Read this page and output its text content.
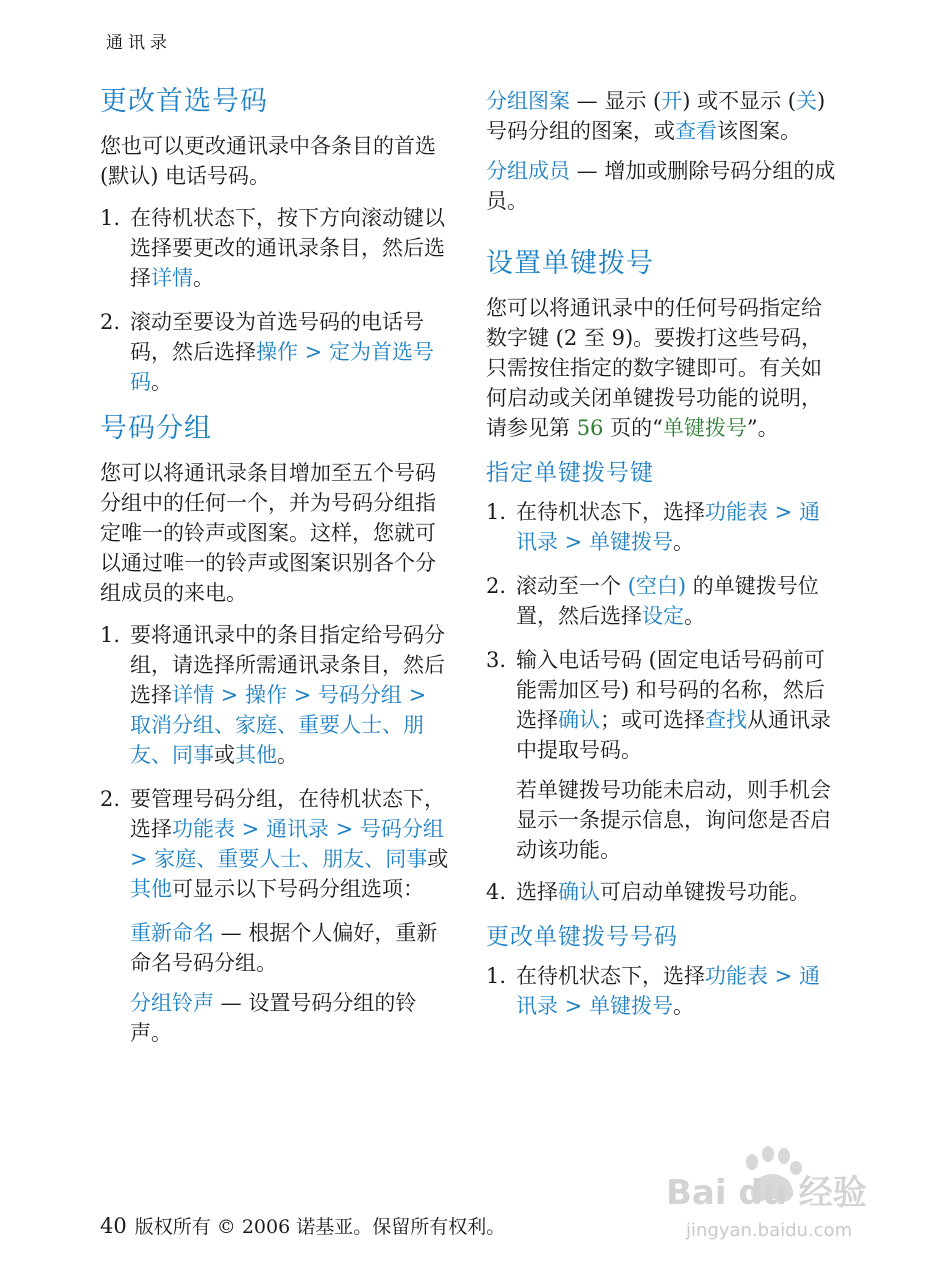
通讯录
更改首选号码

您也可以更改通讯录中各条目的首选 (默认) 电话号码。

1. 在待机状态下，按下方向滚动键以选择要更改的通讯录条目，然后选择详情。
2. 滚动至要设为首选号码的电话号码，然后选择操作 > 定为首选号码。
号码分组

您可以将通讯录条目增加至五个号码分组中的任何一个，并为号码分组指定唯一的铃声或图案。这样，您就可以通过唯一的铃声或图案识别各个分组成员的来电。

1. 要将通讯录中的条目指定给号码分组，请选择所需通讯录条目，然后选择详情 > 操作 > 号码分组 > 取消分组、家庭、重要人士、朋友、同事或其他。
2. 要管理号码分组，在待机状态下，选择功能表 > 通讯录 > 号码分组 > 家庭、重要人士、朋友、同事或其他可显示以下号码分组选项：
重新命名 — 根据个人偏好，重新命名号码分组。
分组铃声 — 设置号码分组的铃声。
分组图案 — 显示 (开) 或不显示 (关) 号码分组的图案，或查看该图案。
分组成员 — 增加或删除号码分组的成员。
设置单键拨号

您可以将通讯录中的任何号码指定给数字键 (2 至 9)。要拨打这些号码，只需按住指定的数字键即可。有关如何启动或关闭单键拨号功能的说明，请参见第 56 页的“单键拨号”。

指定单键拨号键
1. 在待机状态下，选择功能表 > 通讯录 > 单键拨号。
2. 滚动至一个 (空白) 的单键拨号位置，然后选择设定。
3. 输入电话号码 (固定电话号码前可能需加区号) 和号码的名称，然后选择确认；或可选择查找从通讯录中提取号码。

若单键拨号功能未启动，则手机会显示一条提示信息，询问您是否启动该功能。

4. 选择确认可启动单键拨号功能。
更改单键拨号号码
1. 在待机状态下，选择功能表 > 通讯录 > 单键拨号。
Bai du 经验
jingyan.baidu.com
40 版权所有 © 2006 诺基亚。保留所有权利。
